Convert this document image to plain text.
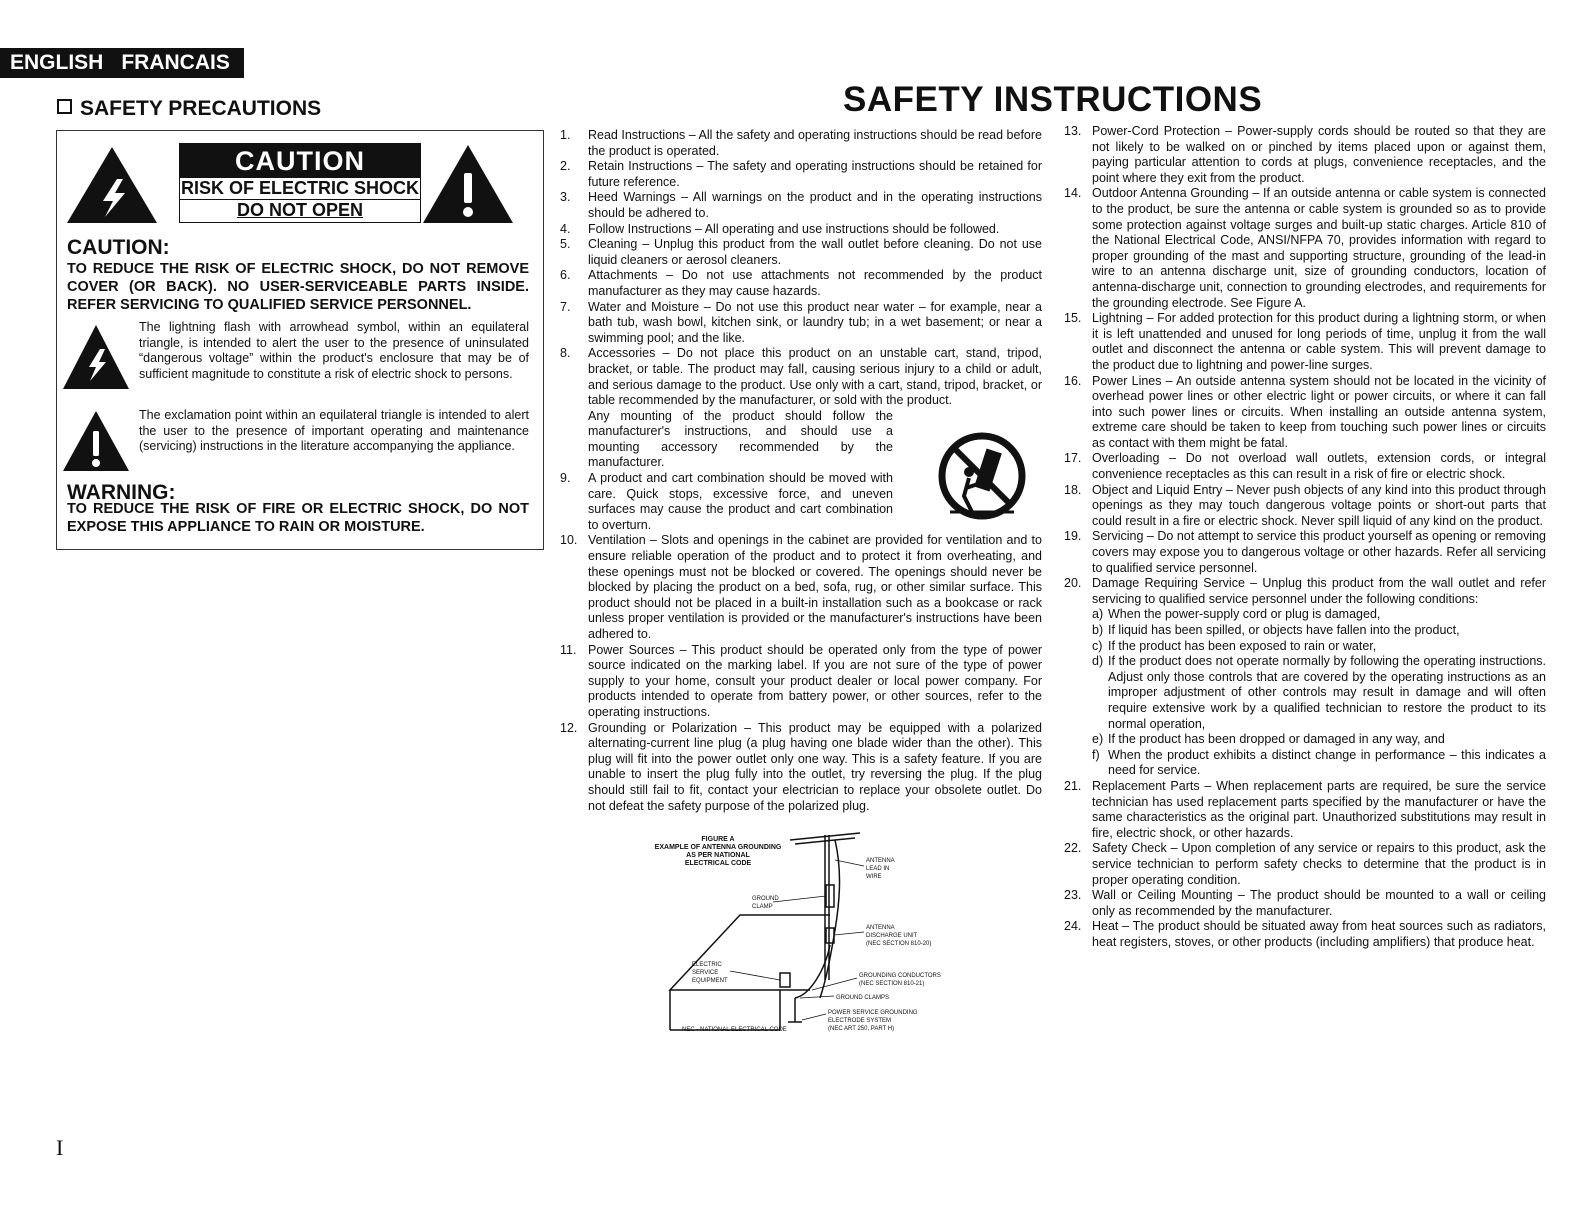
ENGLISH FRANCAIS
SAFETY PRECAUTIONS
CAUTION
RISK OF ELECTRIC SHOCK
DO NOT OPEN
CAUTION:
TO REDUCE THE RISK OF ELECTRIC SHOCK, DO NOT REMOVE COVER (OR BACK). NO USER-SERVICEABLE PARTS INSIDE. REFER SERVICING TO QUALIFIED SERVICE PERSONNEL.
The lightning flash with arrowhead symbol, within an equilateral triangle, is intended to alert the user to the presence of uninsulated “dangerous voltage” within the product's enclosure that may be of sufficient magnitude to constitute a risk of electric shock to persons.
The exclamation point within an equilateral triangle is intended to alert the user to the presence of important operating and maintenance (servicing) instructions in the literature accompanying the appliance.
WARNING:
TO REDUCE THE RISK OF FIRE OR ELECTRIC SHOCK, DO NOT EXPOSE THIS APPLIANCE TO RAIN OR MOISTURE.
SAFETY INSTRUCTIONS
1. Read Instructions – All the safety and operating instructions should be read before the product is operated.
2. Retain Instructions – The safety and operating instructions should be retained for future reference.
3. Heed Warnings – All warnings on the product and in the operating instructions should be adhered to.
4. Follow Instructions – All operating and use instructions should be followed.
5. Cleaning – Unplug this product from the wall outlet before cleaning. Do not use liquid cleaners or aerosol cleaners.
6. Attachments – Do not use attachments not recommended by the product manufacturer as they may cause hazards.
7. Water and Moisture – Do not use this product near water – for example, near a bath tub, wash bowl, kitchen sink, or laundry tub; in a wet basement; or near a swimming pool; and the like.
8. Accessories – Do not place this product on an unstable cart, stand, tripod, bracket, or table. The product may fall, causing serious injury to a child or adult, and serious damage to the product. Use only with a cart, stand, tripod, bracket, or table recommended by the manufacturer, or sold with the product.
Any mounting of the product should follow the manufacturer's instructions, and should use a mounting accessory recommended by the manufacturer.
9. A product and cart combination should be moved with care. Quick stops, excessive force, and uneven surfaces may cause the product and cart combination to overturn.
10. Ventilation – Slots and openings in the cabinet are provided for ventilation and to ensure reliable operation of the product and to protect it from overheating, and these openings must not be blocked or covered. The openings should never be blocked by placing the product on a bed, sofa, rug, or other similar surface. This product should not be placed in a built-in installation such as a bookcase or rack unless proper ventilation is provided or the manufacturer's instructions have been adhered to.
11. Power Sources – This product should be operated only from the type of power source indicated on the marking label. If you are not sure of the type of power supply to your home, consult your product dealer or local power company. For products intended to operate from battery power, or other sources, refer to the operating instructions.
12. Grounding or Polarization – This product may be equipped with a polarized alternating-current line plug (a plug having one blade wider than the other). This plug will fit into the power outlet only one way. This is a safety feature. If you are unable to insert the plug fully into the outlet, try reversing the plug. If the plug should still fail to fit, contact your electrician to replace your obsolete outlet. Do not defeat the safety purpose of the polarized plug.
FIGURE A
EXAMPLE OF ANTENNA GROUNDING
AS PER NATIONAL
ELECTRICAL CODE	ANTENNA
LEAD IN
WIRE
GROUND
CLAMP
ANTENNA
DISCHARGE UNIT
(NEC SECTION 810-20)
ELECTRIC
SERVICE
EQUIPMENT
GROUNDING CONDUCTORS
(NEC SECTION 810-21)
GROUND CLAMPS
POWER SERVICE GROUNDING
ELECTRODE SYSTEM
(NEC ART 250, PART H)
NEC - NATIONAL ELECTRICAL CODE
13. Power-Cord Protection – Power-supply cords should be routed so that they are not likely to be walked on or pinched by items placed upon or against them, paying particular attention to cords at plugs, convenience receptacles, and the point where they exit from the product.
14. Outdoor Antenna Grounding – If an outside antenna or cable system is connected to the product, be sure the antenna or cable system is grounded so as to provide some protection against voltage surges and built-up static charges. Article 810 of the National Electrical Code, ANSI/NFPA 70, provides information with regard to proper grounding of the mast and supporting structure, grounding of the lead-in wire to an antenna discharge unit, size of grounding conductors, location of antenna-discharge unit, connection to grounding electrodes, and requirements for the grounding electrode. See Figure A.
15. Lightning – For added protection for this product during a lightning storm, or when it is left unattended and unused for long periods of time, unplug it from the wall outlet and disconnect the antenna or cable system. This will prevent damage to the product due to lightning and power-line surges.
16. Power Lines – An outside antenna system should not be located in the vicinity of overhead power lines or other electric light or power circuits, or where it can fall into such power lines or circuits. When installing an outside antenna system, extreme care should be taken to keep from touching such power lines or circuits as contact with them might be fatal.
17. Overloading – Do not overload wall outlets, extension cords, or integral convenience receptacles as this can result in a risk of fire or electric shock.
18. Object and Liquid Entry – Never push objects of any kind into this product through openings as they may touch dangerous voltage points or short-out parts that could result in a fire or electric shock. Never spill liquid of any kind on the product.
19. Servicing – Do not attempt to service this product yourself as opening or removing covers may expose you to dangerous voltage or other hazards. Refer all servicing to qualified service personnel.
20. Damage Requiring Service – Unplug this product from the wall outlet and refer servicing to qualified service personnel under the following conditions:
a) When the power-supply cord or plug is damaged,
b) If liquid has been spilled, or objects have fallen into the product,
c) If the product has been exposed to rain or water,
d) If the product does not operate normally by following the operating instructions. Adjust only those controls that are covered by the operating instructions as an improper adjustment of other controls may result in damage and will often require extensive work by a qualified technician to restore the product to its normal operation,
e) If the product has been dropped or damaged in any way, and
f) When the product exhibits a distinct change in performance – this indicates a need for service.
21. Replacement Parts – When replacement parts are required, be sure the service technician has used replacement parts specified by the manufacturer or have the same characteristics as the original part. Unauthorized substitutions may result in fire, electric shock, or other hazards.
22. Safety Check – Upon completion of any service or repairs to this product, ask the service technician to perform safety checks to determine that the product is in proper operating condition.
23. Wall or Ceiling Mounting – The product should be mounted to a wall or ceiling only as recommended by the manufacturer.
24. Heat – The product should be situated away from heat sources such as radiators, heat registers, stoves, or other products (including amplifiers) that produce heat.
I
